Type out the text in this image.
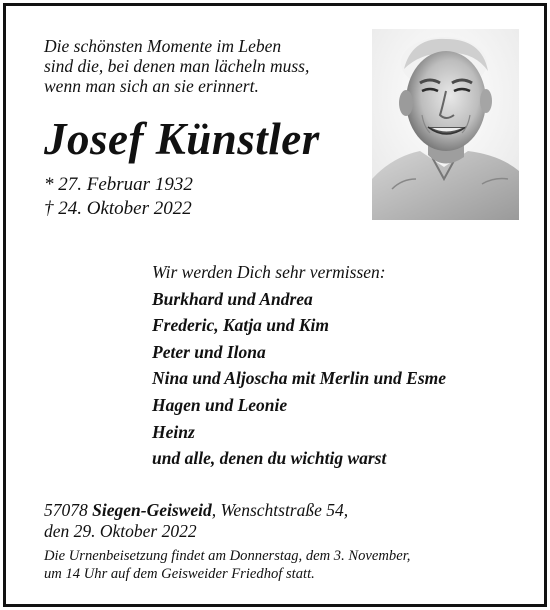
Die schönsten Momente im Leben
sind die, bei denen man lächeln muss,
wenn man sich an sie erinnert.
Josef Künstler
* 27. Februar 1932
† 24. Oktober 2022
Wir werden Dich sehr vermissen:
Burkhard und Andrea
Frederic, Katja und Kim
Peter und Ilona
Nina und Aljoscha mit Merlin und Esme
Hagen und Leonie
Heinz
und alle, denen du wichtig warst
57078 Siegen-Geisweid, Wenschtstraße 54,
den 29. Oktober 2022
Die Urnenbeisetzung findet am Donnerstag, dem 3. November,
um 14 Uhr auf dem Geisweider Friedhof statt.
